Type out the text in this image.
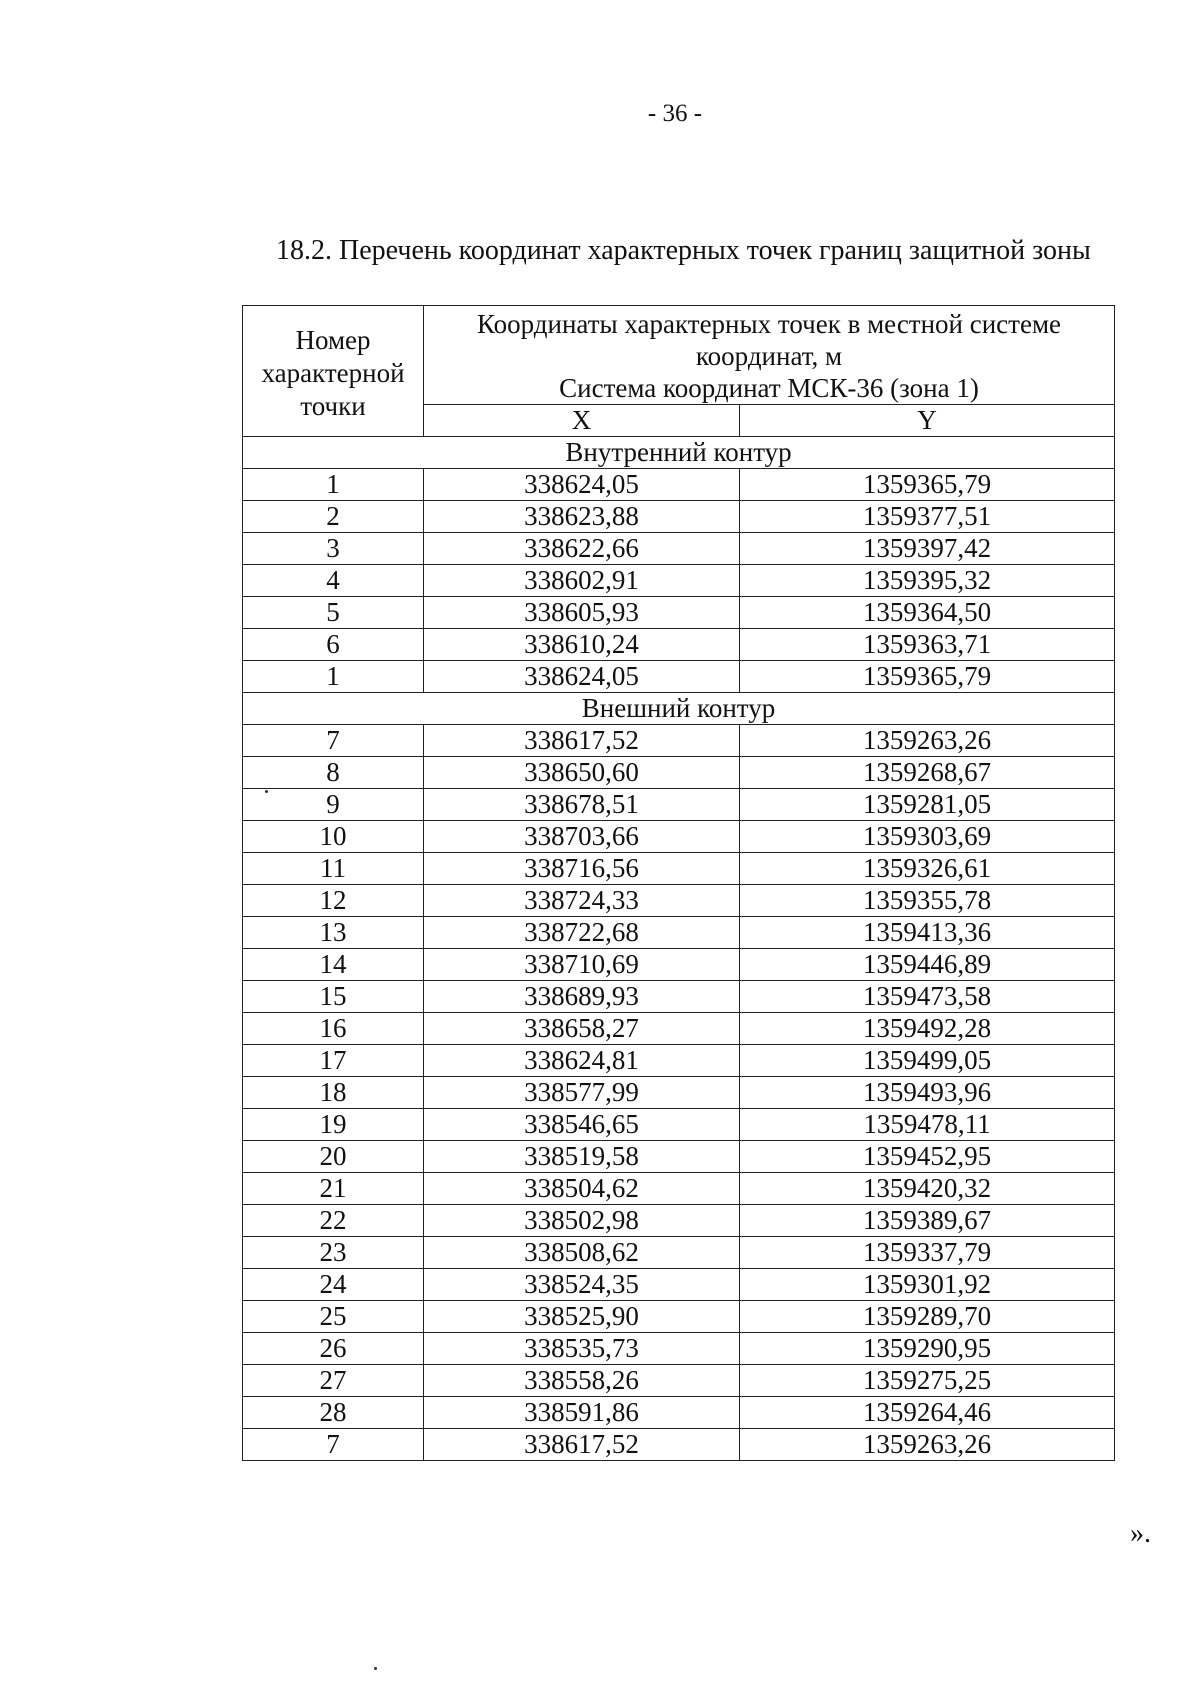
- 36 -
18.2. Перечень координат характерных точек границ защитной зоны
Номер характерной точки	Координаты характерных точек в местной системе координат, м
Система координат МСК-36 (зона 1)	

	X	Y
Внутренний контур		
1	338624,05	1359365,79
2	338623,88	1359377,51
3	338622,66	1359397,42
4	338602,91	1359395,32
5	338605,93	1359364,50
6	338610,24	1359363,71
1	338624,05	1359365,79
Внешний контур		
7	338617,52	1359263,26
8	338650,60	1359268,67
9	338678,51	1359281,05
10	338703,66	1359303,69
11	338716,56	1359326,61
12	338724,33	1359355,78
13	338722,68	1359413,36
14	338710,69	1359446,89
15	338689,93	1359473,58
16	338658,27	1359492,28
17	338624,81	1359499,05
18	338577,99	1359493,96
19	338546,65	1359478,11
20	338519,58	1359452,95
21	338504,62	1359420,32
22	338502,98	1359389,67
23	338508,62	1359337,79
24	338524,35	1359301,92
25	338525,90	1359289,70
26	338535,73	1359290,95
27	338558,26	1359275,25
28	338591,86	1359264,46
7	338617,52	1359263,26
».
